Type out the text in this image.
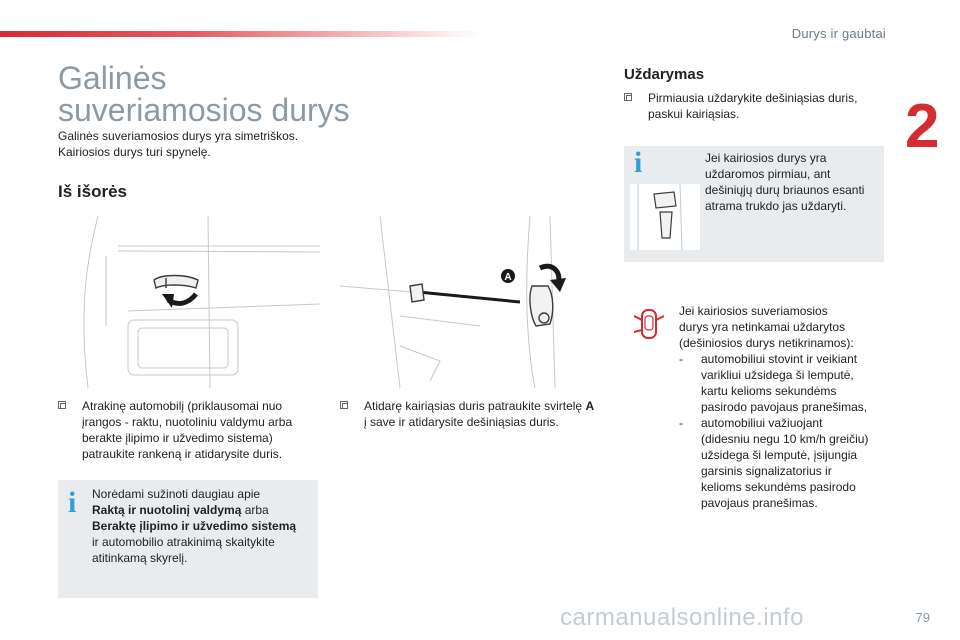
Durys ir gaubtai
2
Galinės
suveriamosios durys
Galinės suveriamosios durys yra simetriškos.
Kairiosios durys turi spynelę.
Iš išorės
A
Atrakinę automobilį (priklausomai nuo
įrangos - raktu, nuotoliniu valdymu arba
berakte įlipimo ir užvedimo sistema)
patraukite rankeną ir atidarysite duris.
Atidarę kairiąsias duris patraukite svirtelę A
į save ir atidarysite dešiniąsias duris.
i Norėdami sužinoti daugiau apie
Raktą ir nuotolinį valdymą arba
Beraktę įlipimo ir užvedimo sistemą
ir automobilio atrakinimą skaitykite
atitinkamą skyrelį.
Uždarymas
Pirmiausia uždarykite dešiniąsias duris,
paskui kairiąsias.
i	Jei kairiosios durys yra
uždaromos pirmiau, ant
dešiniųjų durų briaunos esanti
atrama trukdo jas uždaryti.
Jei kairiosios suveriamosios
durys yra netinkamai uždarytos
(dešiniosios durys netikrinamos):
- automobiliui stovint ir veikiant
varikliui užsidega ši lemputė,
kartu kelioms sekundėms
pasirodo pavojaus pranešimas,
- automobiliui važiuojant
(didesniu negu 10 km/h greičiu)
užsidega ši lemputė, įsijungia
garsinis signalizatorius ir
kelioms sekundėms pasirodo
pavojaus pranešimas.
carmanualsonline.info	79
